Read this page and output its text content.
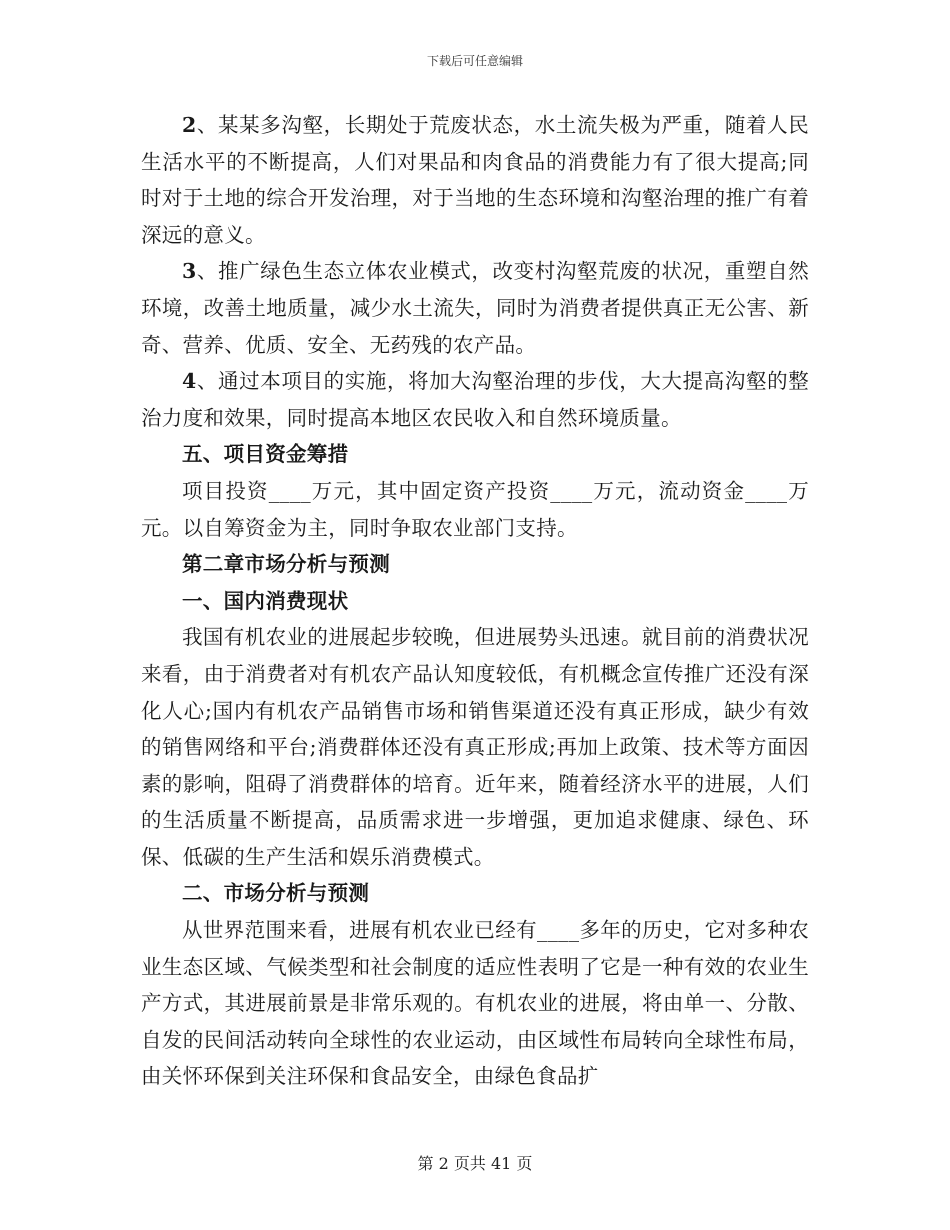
下载后可任意编辑

2、某某多沟壑，长期处于荒废状态，水土流失极为严重，随着人民生活水平的不断提高，人们对果品和肉食品的消费能力有了很大提高;同时对于土地的综合开发治理，对于当地的生态环境和沟壑治理的推广有着深远的意义。

3、推广绿色生态立体农业模式，改变村沟壑荒废的状况，重塑自然环境，改善土地质量，减少水土流失，同时为消费者提供真正无公害、新奇、营养、优质、安全、无药残的农产品。

4、通过本项目的实施，将加大沟壑治理的步伐，大大提高沟壑的整治力度和效果，同时提高本地区农民收入和自然环境质量。

五、项目资金筹措

项目投资____万元，其中固定资产投资____万元，流动资金____万元。以自筹资金为主，同时争取农业部门支持。

第二章市场分析与预测

一、国内消费现状

我国有机农业的进展起步较晚，但进展势头迅速。就目前的消费状况来看，由于消费者对有机农产品认知度较低，有机概念宣传推广还没有深化人心;国内有机农产品销售市场和销售渠道还没有真正形成，缺少有效的销售网络和平台;消费群体还没有真正形成;再加上政策、技术等方面因素的影响，阻碍了消费群体的培育。近年来，随着经济水平的进展，人们的生活质量不断提高，品质需求进一步增强，更加追求健康、绿色、环保、低碳的生产生活和娱乐消费模式。

二、市场分析与预测

从世界范围来看，进展有机农业已经有____多年的历史，它对多种农业生态区域、气候类型和社会制度的适应性表明了它是一种有效的农业生产方式，其进展前景是非常乐观的。有机农业的进展，将由单一、分散、自发的民间活动转向全球性的农业运动，由区域性布局转向全球性布局，由关怀环保到关注环保和食品安全，由绿色食品扩

第 2 页共 41 页
